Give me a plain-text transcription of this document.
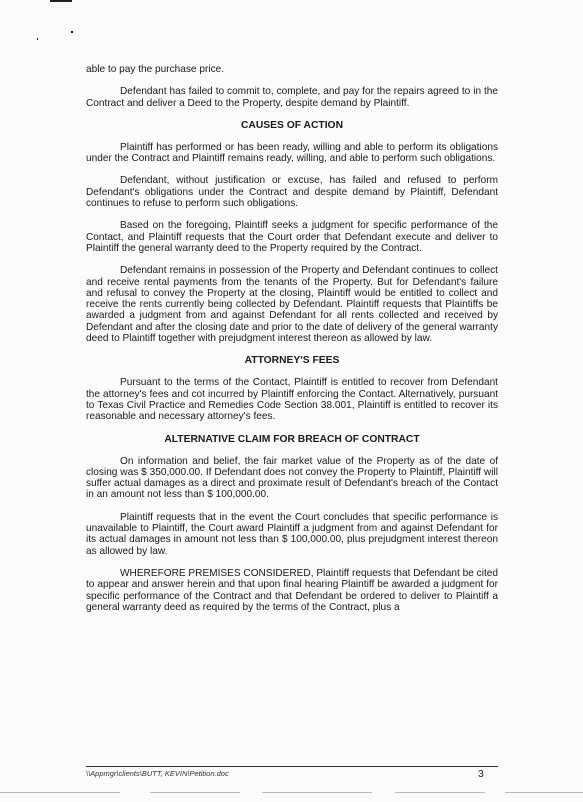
able to pay the purchase price.

Defendant has failed to commit to, complete, and pay for the repairs agreed to in the Contract and deliver a Deed to the Property, despite demand by Plaintiff.

CAUSES OF ACTION

Plaintiff has performed or has been ready, willing and able to perform its obligations under the Contract and Plaintiff remains ready, willing, and able to perform such obligations.

Defendant, without justification or excuse, has failed and refused to perform Defendant's obligations under the Contract and despite demand by Plaintiff, Defendant continues to refuse to perform such obligations.

Based on the foregoing, Plaintiff seeks a judgment for specific performance of the Contact, and Plaintiff requests that the Court order that Defendant execute and deliver to Plaintiff the general warranty deed to the Property required by the Contract.

Defendant remains in possession of the Property and Defendant continues to collect and receive rental payments from the tenants of the Property. But for Defendant's failure and refusal to convey the Property at the closing, Plaintiff would be entitled to collect and receive the rents currently being collected by Defendant. Plaintiff requests that Plaintiffs be awarded a judgment from and against Defendant for all rents collected and received by Defendant and after the closing date and prior to the date of delivery of the general warranty deed to Plaintiff together with prejudgment interest thereon as allowed by law.

ATTORNEY'S FEES

Pursuant to the terms of the Contact, Plaintiff is entitled to recover from Defendant the attorney's fees and cot incurred by Plaintiff enforcing the Contact. Alternatively, pursuant to Texas Civil Practice and Remedies Code Section 38.001, Plaintiff is entitled to recover its reasonable and necessary attorney's fees.

ALTERNATIVE CLAIM FOR BREACH OF CONTRACT

On information and belief, the fair market value of the Property as of the date of closing was $ 350,000.00. If Defendant does not convey the Property to Plaintiff, Plaintiff will suffer actual damages as a direct and proximate result of Defendant's breach of the Contact in an amount not less than $ 100,000.00.

Plaintiff requests that in the event the Court concludes that specific performance is unavailable to Plaintiff, the Court award Plaintiff a judgment from and against Defendant for its actual damages in amount not less than $ 100,000.00, plus prejudgment interest thereon as allowed by law.

WHEREFORE PREMISES CONSIDERED, Plaintiff requests that Defendant be cited to appear and answer herein and that upon final hearing Plaintiff be awarded a judgment for specific performance of the Contract and that Defendant be ordered to deliver to Plaintiff a general warranty deed as required by the terms of the Contract, plus a

\\Appmgr\clients\BUTT, KEVIN\Petition.doc	3
